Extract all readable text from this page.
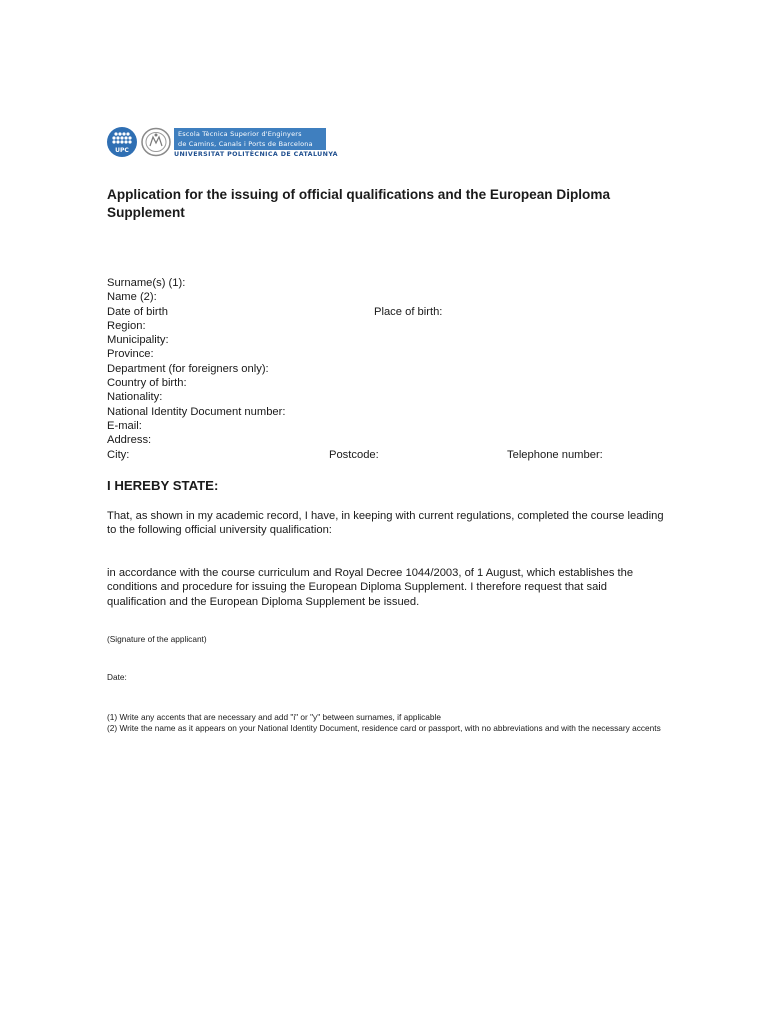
UPC
Escola Tècnica Superior d'Enginyers
de Camins, Canals i Ports de Barcelona
UNIVERSITAT POLITÈCNICA DE CATALUNYA
Application for the issuing of official qualifications and the European Diploma Supplement
Surname(s) (1):
Name (2):
Date of birth	Place of birth:
Region:
Municipality:
Province:
Department (for foreigners only):
Country of birth:
Nationality:
National Identity Document number:
E-mail:
Address:
City:	Postcode:	Telephone number:
I HEREBY STATE:

That, as shown in my academic record, I have, in keeping with current regulations, completed the course leading to the following official university qualification:

in accordance with the course curriculum and Royal Decree 1044/2003, of 1 August, which establishes the conditions and procedure for issuing the European Diploma Supplement. I therefore request that said qualification and the European Diploma Supplement be issued.

(Signature of the applicant)

Date:

(1) Write any accents that are necessary and add "i" or "y" between surnames, if applicable

(2) Write the name as it appears on your National Identity Document, residence card or passport, with no abbreviations and with the necessary accents
